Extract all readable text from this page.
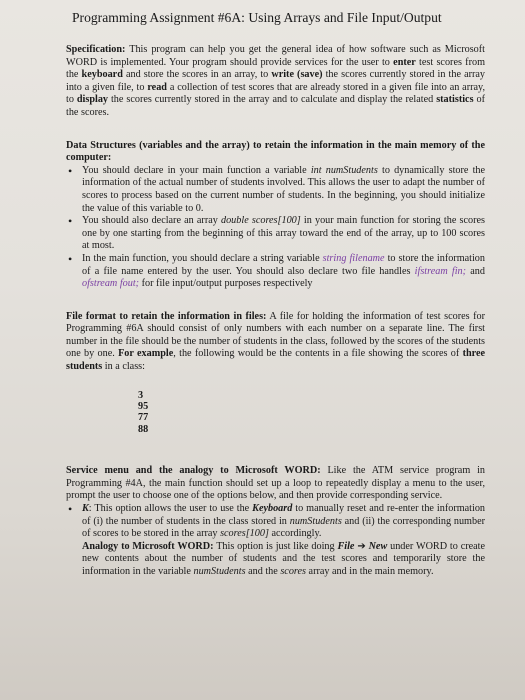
Programming Assignment #6A: Using Arrays and File Input/Output

Specification: This program can help you get the general idea of how software such as Microsoft WORD is implemented. Your program should provide services for the user to enter test scores from the keyboard and store the scores in an array, to write (save) the scores currently stored in the array into a given file, to read a collection of test scores that are already stored in a given file into an array, to display the scores currently stored in the array and to calculate and display the related statistics of the scores.

Data Structures (variables and the array) to retain the information in the main memory of the computer:

• You should declare in your main function a variable int numStudents to dynamically store the information of the actual number of students involved. This allows the user to adapt the number of scores to process based on the current number of students. In the beginning, you should initialize the value of this variable to 0.
• You should also declare an array double scores[100] in your main function for storing the scores one by one starting from the beginning of this array toward the end of the array, up to 100 scores at most.
• In the main function, you should declare a string variable string filename to store the information of a file name entered by the user. You should also declare two file handles ifstream fin; and ofstream fout; for file input/output purposes respectively

File format to retain the information in files: A file for holding the information of test scores for Programming #6A should consist of only numbers with each number on a separate line. The first number in the file should be the number of students in the class, followed by the scores of the students one by one. For example, the following would be the contents in a file showing the scores of three students in a class:

3
95
77
88

Service menu and the analogy to Microsoft WORD: Like the ATM service program in Programming #4A, the main function should set up a loop to repeatedly display a menu to the user, prompt the user to choose one of the options below, and then provide corresponding service.

• K: This option allows the user to use the Keyboard to manually reset and re-enter the information of (i) the number of students in the class stored in numStudents and (ii) the corresponding number of scores to be stored in the array scores[100] accordingly.
Analogy to Microsoft WORD: This option is just like doing File ➔ New under WORD to create new contents about the number of students and the test scores and temporarily store the information in the variable numStudents and the scores array and in the main memory.
